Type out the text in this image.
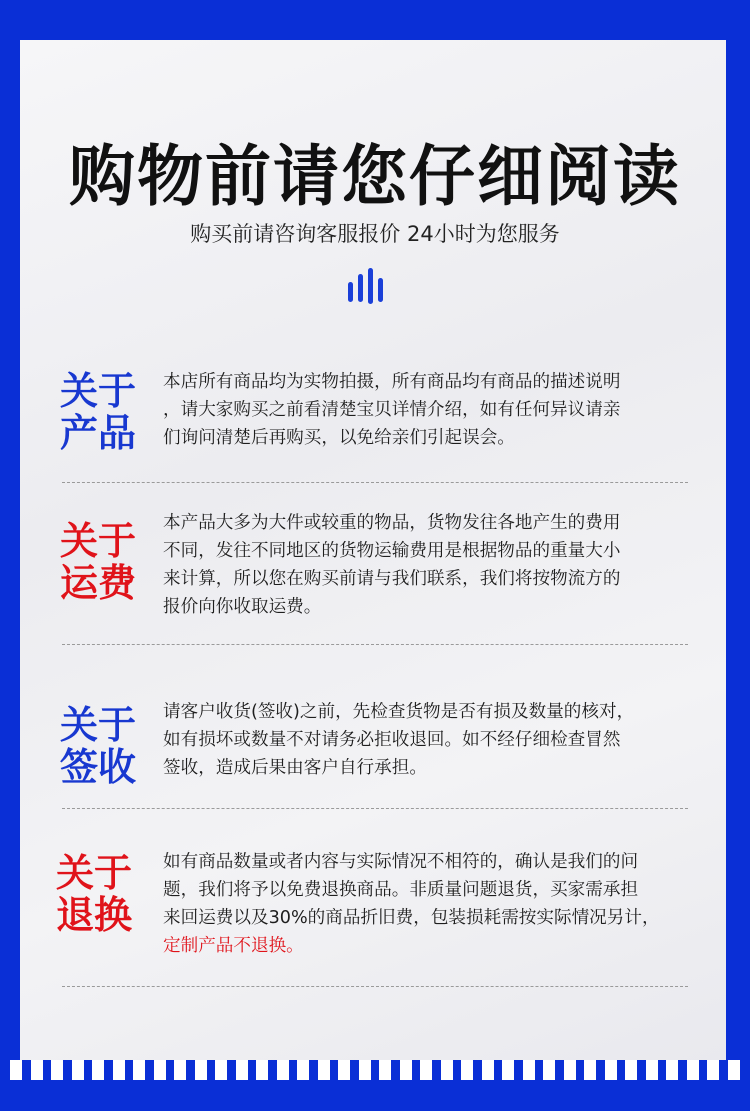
购物前请您仔细阅读
购买前请咨询客服报价 24小时为您服务
关于
产品

本店所有商品均为实物拍摄，所有商品均有商品的描述说明

，请大家购买之前看清楚宝贝详情介绍，如有任何异议请亲

们询问清楚后再购买，以免给亲们引起误会。

关于
运费

本产品大多为大件或较重的物品，货物发往各地产生的费用

不同，发往不同地区的货物运输费用是根据物品的重量大小

来计算，所以您在购买前请与我们联系，我们将按物流方的

报价向你收取运费。

关于
签收

请客户收货(签收)之前，先检查货物是否有损及数量的核对，

如有损坏或数量不对请务必拒收退回。如不经仔细检查冒然

签收，造成后果由客户自行承担。

关于
退换

如有商品数量或者内容与实际情况不相符的，确认是我们的问

题，我们将予以免费退换商品。非质量问题退货，买家需承担

来回运费以及30%的商品折旧费，包装损耗需按实际情况另计，

定制产品不退换。
